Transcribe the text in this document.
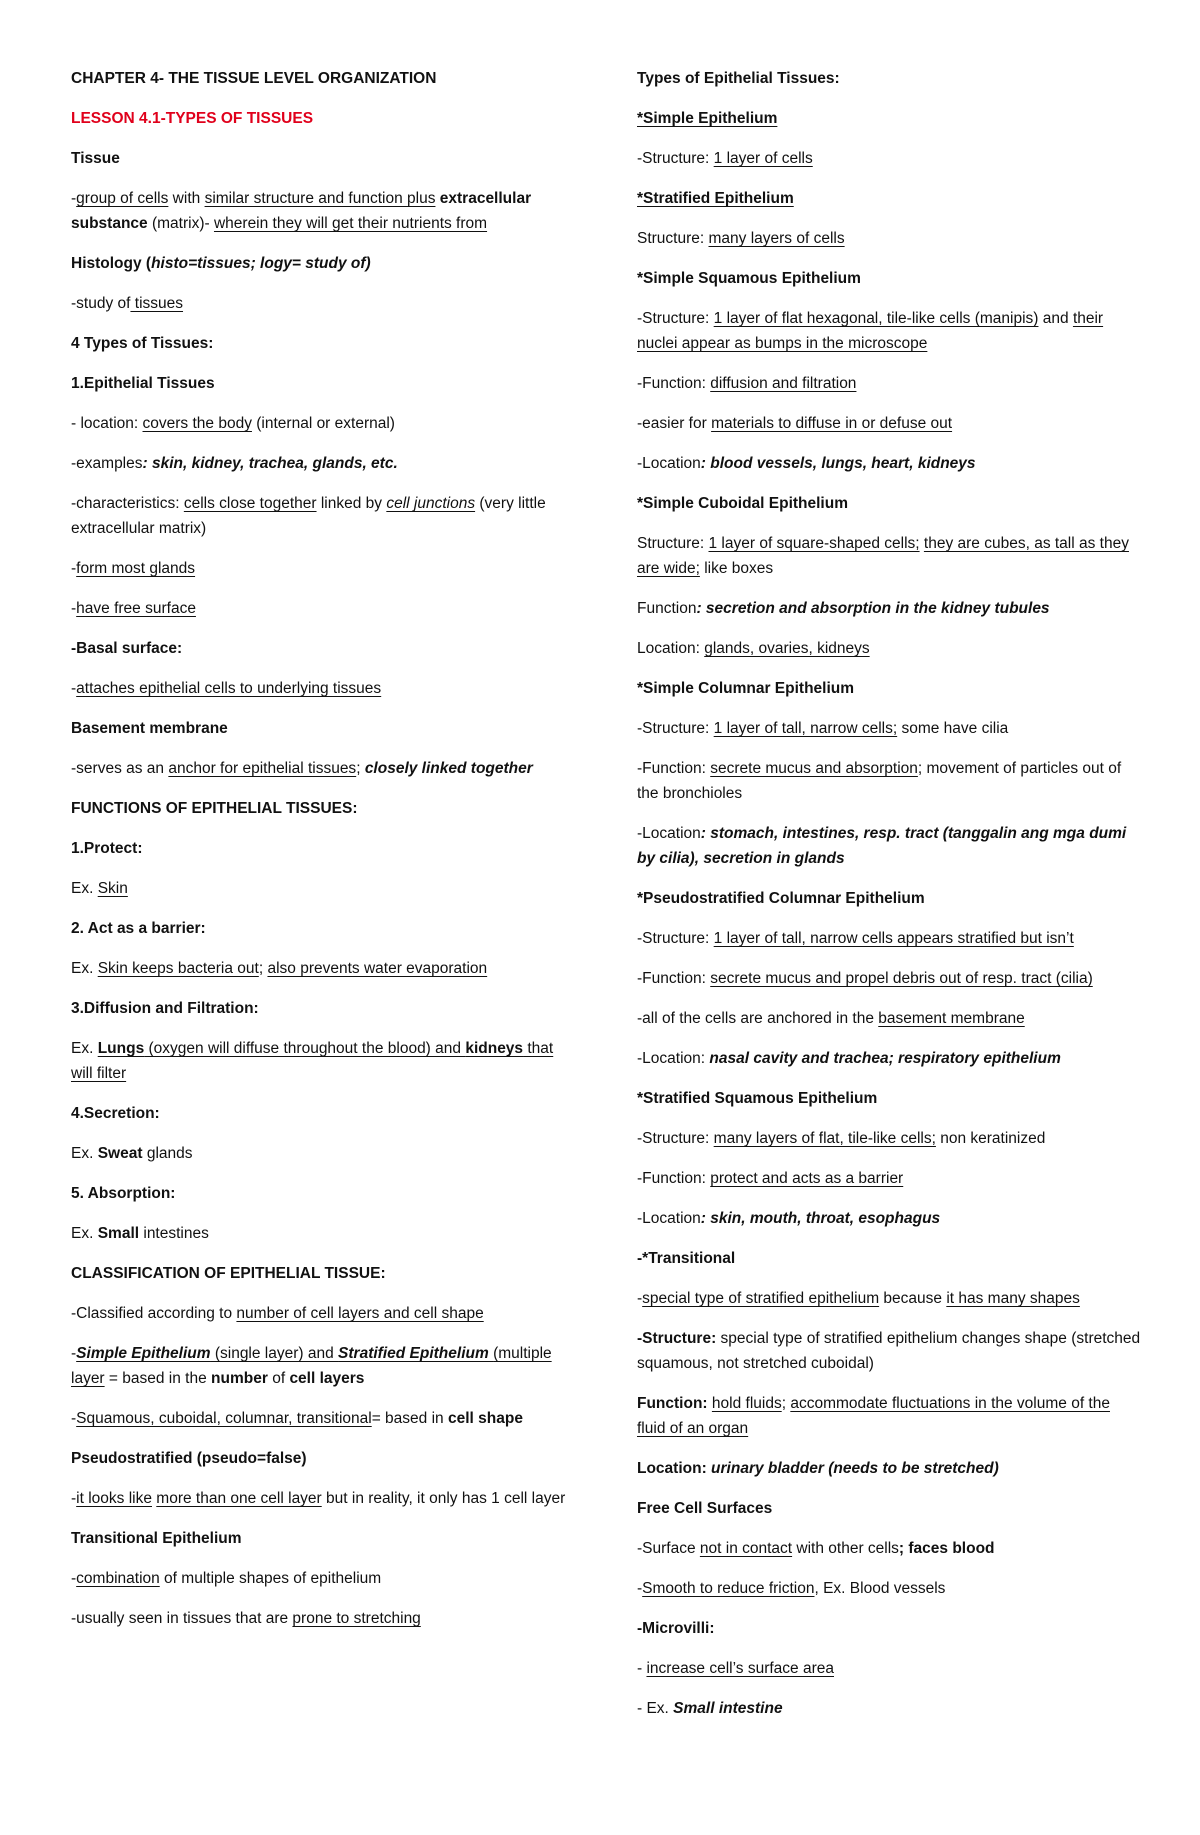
CHAPTER 4- THE TISSUE LEVEL ORGANIZATION

LESSON 4.1-TYPES OF TISSUES

Tissue

-group of cells with similar structure and function plus extracellular substance (matrix)- wherein they will get their nutrients from

Histology (histo=tissues; logy= study of)

-study of tissues

4 Types of Tissues:

1.Epithelial Tissues

- location: covers the body (internal or external)

-examples: skin, kidney, trachea, glands, etc.

-characteristics: cells close together linked by cell junctions (very little extracellular matrix)

-form most glands

-have free surface

-Basal surface:

-attaches epithelial cells to underlying tissues

Basement membrane

-serves as an anchor for epithelial tissues; closely linked together

FUNCTIONS OF EPITHELIAL TISSUES:

1.Protect:

Ex. Skin

2. Act as a barrier:

Ex. Skin keeps bacteria out; also prevents water evaporation

3.Diffusion and Filtration:

Ex. Lungs (oxygen will diffuse throughout the blood) and kidneys that will filter

4.Secretion:

Ex. Sweat glands

5. Absorption:

Ex. Small intestines

CLASSIFICATION OF EPITHELIAL TISSUE:

-Classified according to number of cell layers and cell shape

-Simple Epithelium (single layer) and Stratified Epithelium (multiple layer = based in the number of cell layers

-Squamous, cuboidal, columnar, transitional= based in cell shape

Pseudostratified (pseudo=false)

-it looks like more than one cell layer but in reality, it only has 1 cell layer

Transitional Epithelium

-combination of multiple shapes of epithelium

-usually seen in tissues that are prone to stretching

Types of Epithelial Tissues:

*Simple Epithelium

-Structure: 1 layer of cells

*Stratified Epithelium

Structure: many layers of cells

*Simple Squamous Epithelium

-Structure: 1 layer of flat hexagonal, tile-like cells (manipis) and their nuclei appear as bumps in the microscope

-Function: diffusion and filtration

-easier for materials to diffuse in or defuse out

-Location: blood vessels, lungs, heart, kidneys

*Simple Cuboidal Epithelium

Structure: 1 layer of square-shaped cells; they are cubes, as tall as they are wide; like boxes

Function: secretion and absorption in the kidney tubules

Location: glands, ovaries, kidneys

*Simple Columnar Epithelium

-Structure: 1 layer of tall, narrow cells; some have cilia

-Function: secrete mucus and absorption; movement of particles out of the bronchioles

-Location: stomach, intestines, resp. tract (tanggalin ang mga dumi by cilia), secretion in glands

*Pseudostratified Columnar Epithelium

-Structure: 1 layer of tall, narrow cells appears stratified but isn’t

-Function: secrete mucus and propel debris out of resp. tract (cilia)

-all of the cells are anchored in the basement membrane

-Location: nasal cavity and trachea; respiratory epithelium

*Stratified Squamous Epithelium

-Structure: many layers of flat, tile-like cells; non keratinized

-Function: protect and acts as a barrier

-Location: skin, mouth, throat, esophagus

-*Transitional

-special type of stratified epithelium because it has many shapes

-Structure: special type of stratified epithelium changes shape (stretched squamous, not stretched cuboidal)

Function: hold fluids; accommodate fluctuations in the volume of the fluid of an organ

Location: urinary bladder (needs to be stretched)

Free Cell Surfaces

-Surface not in contact with other cells; faces blood

-Smooth to reduce friction, Ex. Blood vessels

-Microvilli:

- increase cell’s surface area

- Ex. Small intestine
